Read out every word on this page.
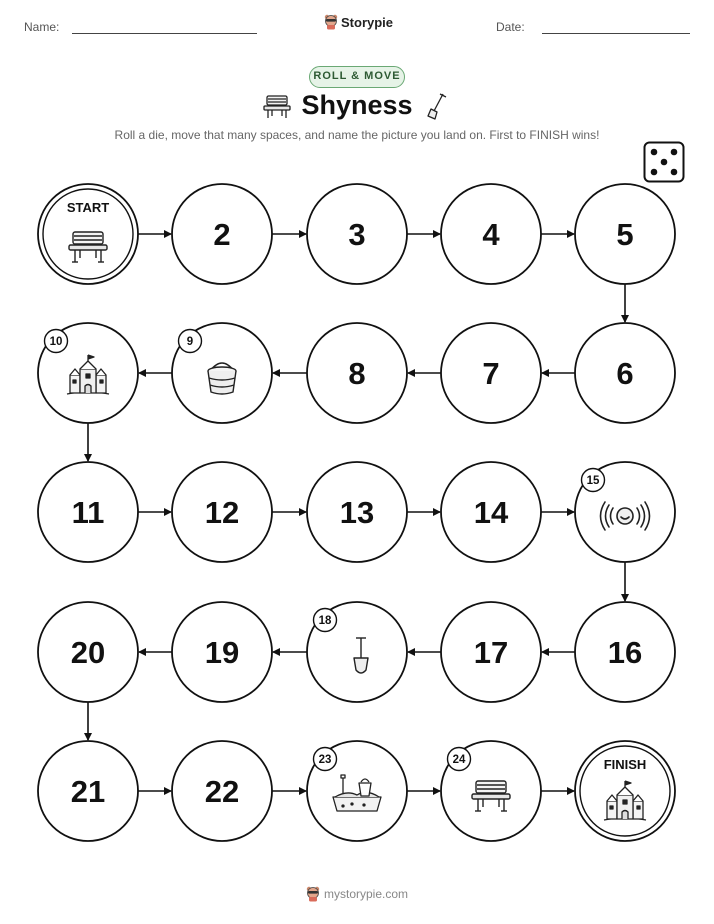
Name:	Storypie	Date:
ROLL & MOVE
Shyness
Roll a die, move that many spaces, and name the picture you land on. First to FINISH wins!
START
2	3	4	5
6
7
8
9
10
11	12	13	14
15
16
17
18
19
20
21	22
23	24	FINISH
mystorypie.com
